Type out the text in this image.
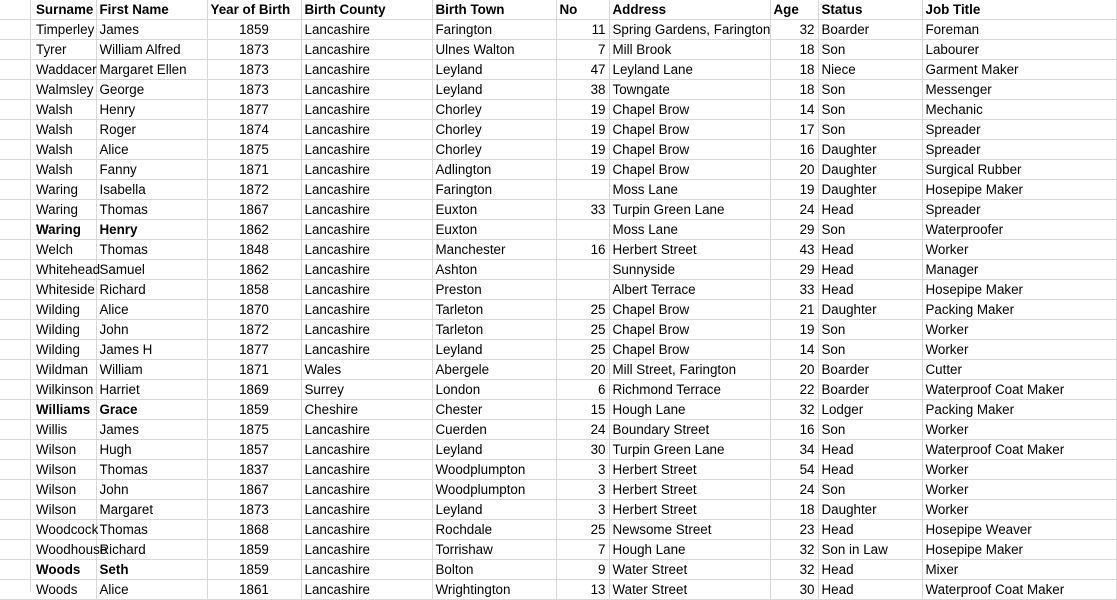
Surname	First Name	Year of Birth	Birth County	Birth Town	No	Address	Age	Status	Job Title
Timperley	James	1859	Lancashire	Farington	11	Spring Gardens, Farington	32	Boarder	Foreman
Tyrer	William Alfred	1873	Lancashire	Ulnes Walton	7	Mill Brook	18	Son	Labourer
Waddacer	Margaret Ellen	1873	Lancashire	Leyland	47	Leyland Lane	18	Niece	Garment Maker
Walmsley	George	1873	Lancashire	Leyland	38	Towngate	18	Son	Messenger
Walsh	Henry	1877	Lancashire	Chorley	19	Chapel Brow	14	Son	Mechanic
Walsh	Roger	1874	Lancashire	Chorley	19	Chapel Brow	17	Son	Spreader
Walsh	Alice	1875	Lancashire	Chorley	19	Chapel Brow	16	Daughter	Spreader
Walsh	Fanny	1871	Lancashire	Adlington	19	Chapel Brow	20	Daughter	Surgical Rubber
Waring	Isabella	1872	Lancashire	Farington		Moss Lane	19	Daughter	Hosepipe Maker
Waring	Thomas	1867	Lancashire	Euxton	33	Turpin Green Lane	24	Head	Spreader
Waring	Henry	1862	Lancashire	Euxton		Moss Lane	29	Son	Waterproofer
Welch	Thomas	1848	Lancashire	Manchester	16	Herbert Street	43	Head	Worker
Whitehead	Samuel	1862	Lancashire	Ashton		Sunnyside	29	Head	Manager
Whiteside	Richard	1858	Lancashire	Preston		Albert Terrace	33	Head	Hosepipe Maker
Wilding	Alice	1870	Lancashire	Tarleton	25	Chapel Brow	21	Daughter	Packing Maker
Wilding	John	1872	Lancashire	Tarleton	25	Chapel Brow	19	Son	Worker
Wilding	James H	1877	Lancashire	Leyland	25	Chapel Brow	14	Son	Worker
Wildman	William	1871	Wales	Abergele	20	Mill Street, Farington	20	Boarder	Cutter
Wilkinson	Harriet	1869	Surrey	London	6	Richmond Terrace	22	Boarder	Waterproof Coat Maker
Williams	Grace	1859	Cheshire	Chester	15	Hough Lane	32	Lodger	Packing Maker
Willis	James	1875	Lancashire	Cuerden	24	Boundary Street	16	Son	Worker
Wilson	Hugh	1857	Lancashire	Leyland	30	Turpin Green Lane	34	Head	Waterproof Coat Maker
Wilson	Thomas	1837	Lancashire	Woodplumpton	3	Herbert Street	54	Head	Worker
Wilson	John	1867	Lancashire	Woodplumpton	3	Herbert Street	24	Son	Worker
Wilson	Margaret	1873	Lancashire	Leyland	3	Herbert Street	18	Daughter	Worker
Woodcock	Thomas	1868	Lancashire	Rochdale	25	Newsome Street	23	Head	Hosepipe Weaver
Woodhouse	Richard	1859	Lancashire	Torrishaw	7	Hough Lane	32	Son in Law	Hosepipe Maker
Woods	Seth	1859	Lancashire	Bolton	9	Water Street	32	Head	Mixer
Woods	Alice	1861	Lancashire	Wrightington	13	Water Street	30	Head	Waterproof Coat Maker
